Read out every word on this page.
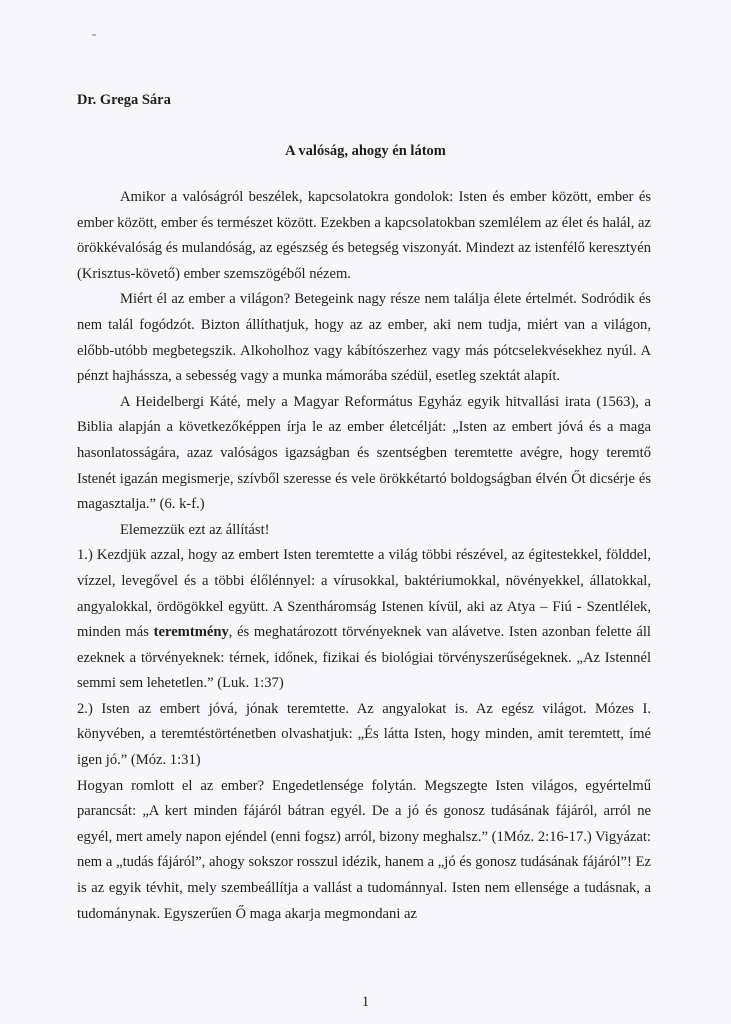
Dr. Grega Sára
A valóság, ahogy én látom

Amikor a valóságról beszélek, kapcsolatokra gondolok: Isten és ember között, ember és ember között, ember és természet között. Ezekben a kapcsolatokban szemlélem az élet és halál, az örökkévalóság és mulandóság, az egészség és betegség viszonyát. Mindezt az istenfélő keresztyén (Krisztus-követő) ember szemszögéből nézem.

Miért él az ember a világon? Betegeink nagy része nem találja élete értelmét. Sodródik és nem talál fogódzót. Bizton állíthatjuk, hogy az az ember, aki nem tudja, miért van a világon, előbb-utóbb megbetegszik. Alkoholhoz vagy kábítószerhez vagy más pótcselekvésekhez nyúl. A pénzt hajhássza, a sebesség vagy a munka mámorába szédül, esetleg szektát alapít.

A Heidelbergi Káté, mely a Magyar Református Egyház egyik hitvallási irata (1563), a Biblia alapján a következőképpen írja le az ember életcélját: „Isten az embert jóvá és a maga hasonlatosságára, azaz valóságos igazságban és szentségben teremtette avégre, hogy teremtő Istenét igazán megismerje, szívből szeresse és vele örökkétartó boldogságban élvén Őt dicsérje és magasztalja.” (6. k-f.)

Elemezzük ezt az állítást!

1.) Kezdjük azzal, hogy az embert Isten teremtette a világ többi részével, az égitestekkel, földdel, vízzel, levegővel és a többi élőlénnyel: a vírusokkal, baktériumokkal, növényekkel, állatokkal, angyalokkal, ördögökkel együtt. A Szentháromság Istenen kívül, aki az Atya – Fiú - Szentlélek, minden más teremtmény, és meghatározott törvényeknek van alávetve. Isten azonban felette áll ezeknek a törvényeknek: térnek, időnek, fizikai és biológiai törvényszerűségeknek. „Az Istennél semmi sem lehetetlen.” (Luk. 1:37)

2.) Isten az embert jóvá, jónak teremtette. Az angyalokat is. Az egész világot. Mózes I. könyvében, a teremtéstörténetben olvashatjuk: „És látta Isten, hogy minden, amit teremtett, ímé igen jó.” (Móz. 1:31)

Hogyan romlott el az ember? Engedetlensége folytán. Megszegte Isten világos, egyértelmű parancsát: „A kert minden fájáról bátran egyél. De a jó és gonosz tudásának fájáról, arról ne egyél, mert amely napon ejéndel (enni fogsz) arról, bizony meghalsz.” (1Móz. 2:16-17.) Vigyázat: nem a „tudás fájáról”, ahogy sokszor rosszul idézik, hanem a „jó és gonosz tudásának fájáról”! Ez is az egyik tévhit, mely szembeállítja a vallást a tudománnyal. Isten nem ellensége a tudásnak, a tudománynak. Egyszerűen Ő maga akarja megmondani az

1
